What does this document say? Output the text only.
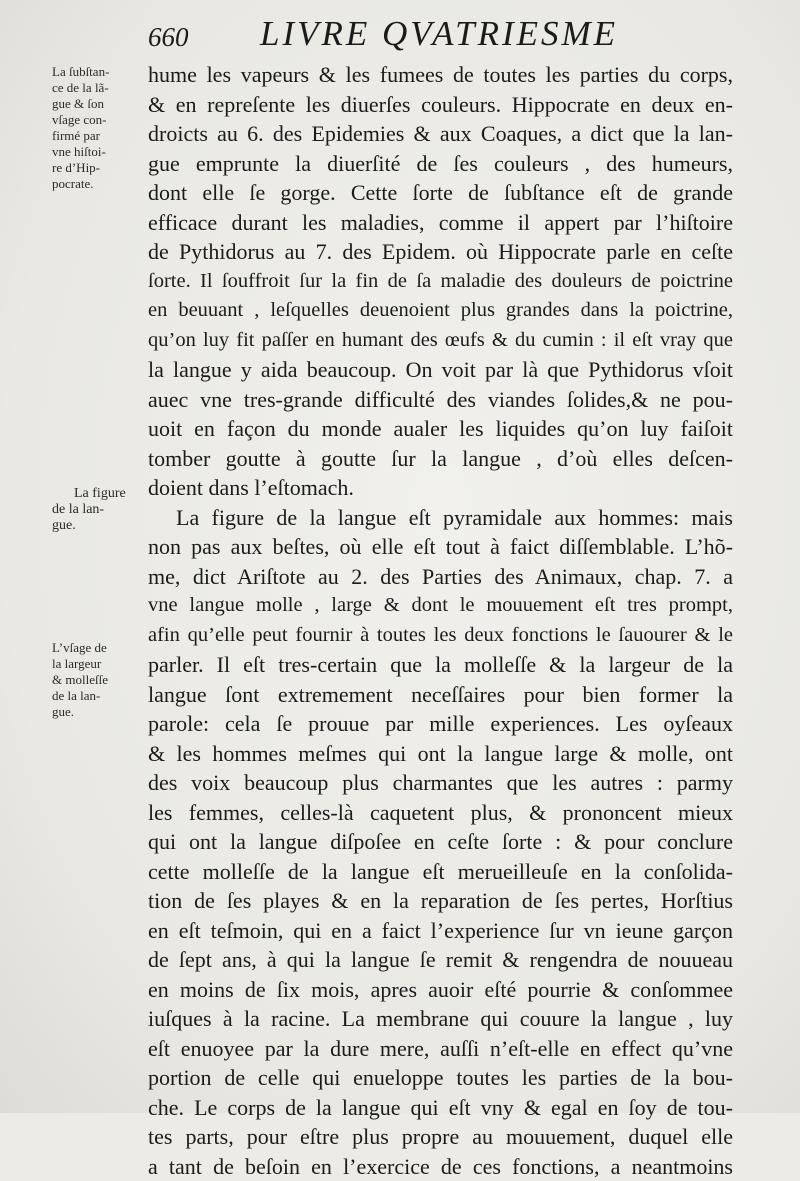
660 LIVRE QVATRIESME
La ſubſtan-
ce de la lã-
gue & ſon
vſage con-
firmé par
vne hiſtoi-
re d’Hip-
pocrate.
La figure
de la lan-
gue.
L’vſage de
la largeur
& molleſſe
de la lan-
gue.
hume les vapeurs & les fumees de toutes les parties du corps,
& en repreſente les diuerſes couleurs. Hippocrate en deux en-
droicts au 6. des Epidemies & aux Coaques, a dict que la lan-
gue emprunte la diuerſité de ſes couleurs , des humeurs,
dont elle ſe gorge. Cette ſorte de ſubſtance eſt de grande
efficace durant les maladies, comme il appert par l’hiſtoire
de Pythidorus au 7. des Epidem. où Hippocrate parle en ceſte
ſorte. Il ſouffroit ſur la fin de ſa maladie des douleurs de poictrine
en beuuant , leſquelles deuenoient plus grandes dans la poictrine,
qu’on luy fit paſſer en humant des œufs & du cumin : il eſt vray que
la langue y aida beaucoup. On voit par là que Pythidorus vſoit
auec vne tres-grande difficulté des viandes ſolides,& ne pou-
uoit en façon du monde aualer les liquides qu’on luy faiſoit
tomber goutte à goutte ſur la langue , d’où elles deſcen-
doient dans l’eſtomach.
La figure de la langue eſt pyramidale aux hommes: mais
non pas aux beſtes, où elle eſt tout à faict diſſemblable. L’hõ-
me, dict Ariſtote au 2. des Parties des Animaux, chap. 7. a
vne langue molle , large & dont le mouuement eſt tres prompt,
afin qu’elle peut fournir à toutes les deux fonctions le ſauourer & le
parler. Il eſt tres-certain que la molleſſe & la largeur de la
langue ſont extremement neceſſaires pour bien former la
parole: cela ſe prouue par mille experiences. Les oyſeaux
& les hommes meſmes qui ont la langue large & molle, ont
des voix beaucoup plus charmantes que les autres : parmy
les femmes, celles-là caquetent plus, & prononcent mieux
qui ont la langue diſpoſee en ceſte ſorte : & pour conclure
cette molleſſe de la langue eſt merueilleuſe en la conſolida-
tion de ſes playes & en la reparation de ſes pertes, Horſtius
en eſt teſmoin, qui en a faict l’experience ſur vn ieune garçon
de ſept ans, à qui la langue ſe remit & rengendra de nouueau
en moins de ſix mois, apres auoir eſté pourrie & conſommee
iuſques à la racine. La membrane qui couure la langue , luy
eſt enuoyee par la dure mere, auſſi n’eſt-elle en effect qu’vne
portion de celle qui enueloppe toutes les parties de la bou-
che. Le corps de la langue qui eſt vny & egal en ſoy de tou-
tes parts, pour eſtre plus propre au mouuement, duquel elle
a tant de beſoin en l’exercice de ces fonctions, a neantmoins
